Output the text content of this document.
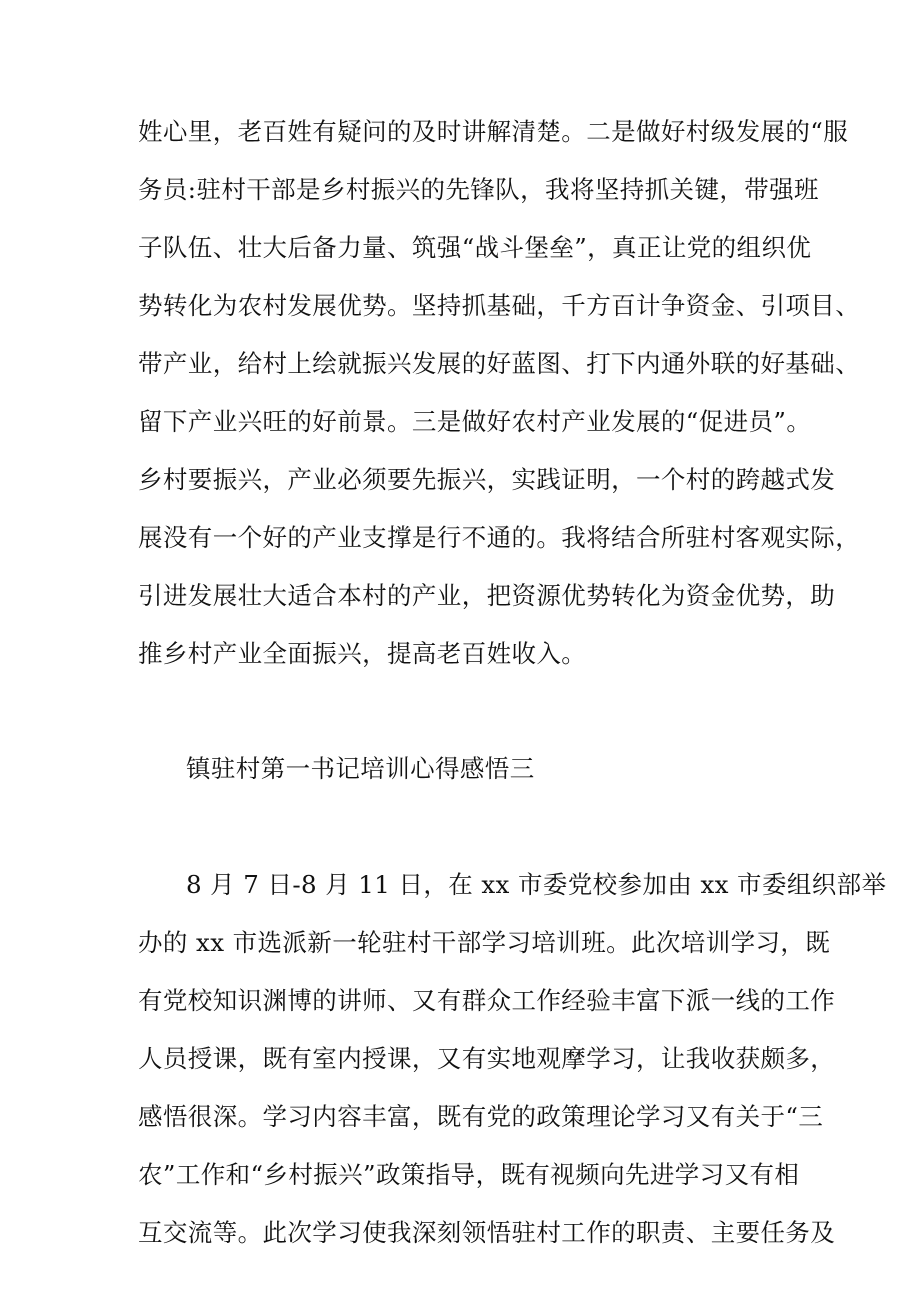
姓心里，老百姓有疑问的及时讲解清楚。二是做好村级发展的“服
务员:驻村干部是乡村振兴的先锋队，我将坚持抓关键，带强班
子队伍、壮大后备力量、筑强“战斗堡垒”，真正让党的组织优
势转化为农村发展优势。坚持抓基础，千方百计争资金、引项目、
带产业，给村上绘就振兴发展的好蓝图、打下内通外联的好基础、
留下产业兴旺的好前景。三是做好农村产业发展的“促进员”。
乡村要振兴，产业必须要先振兴，实践证明，一个村的跨越式发
展没有一个好的产业支撑是行不通的。我将结合所驻村客观实际，
引进发展壮大适合本村的产业，把资源优势转化为资金优势，助
推乡村产业全面振兴，提高老百姓收入。
镇驻村第一书记培训心得感悟三
8 月 7 日-8 月 11 日，在 xx 市委党校参加由 xx 市委组织部举
办的 xx 市选派新一轮驻村干部学习培训班。此次培训学习，既
有党校知识渊博的讲师、又有群众工作经验丰富下派一线的工作
人员授课，既有室内授课，又有实地观摩学习，让我收获颇多，
感悟很深。学习内容丰富，既有党的政策理论学习又有关于“三
农”工作和“乡村振兴”政策指导，既有视频向先进学习又有相
互交流等。此次学习使我深刻领悟驻村工作的职责、主要任务及
